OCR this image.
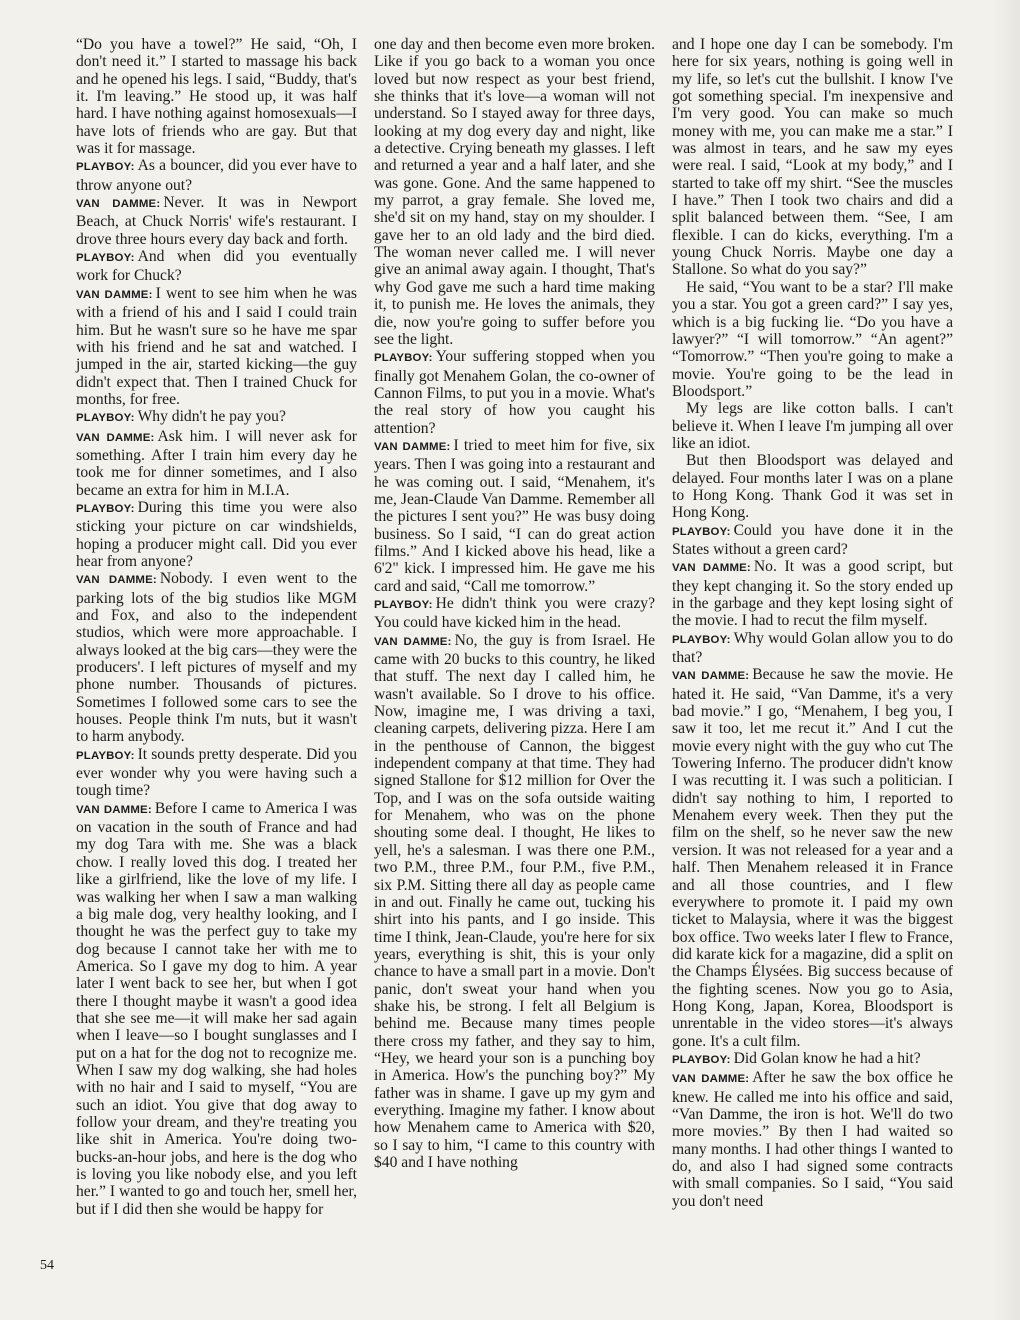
“Do you have a towel?” He said, “Oh, I don't need it.” I started to massage his back and he opened his legs. I said, “Buddy, that's it. I'm leaving.” He stood up, it was half hard. I have nothing against homosexuals—I have lots of friends who are gay. But that was it for massage.

PLAYBOY: As a bouncer, did you ever have to throw anyone out?

VAN DAMME: Never. It was in Newport Beach, at Chuck Norris' wife's restaurant. I drove three hours every day back and forth.

PLAYBOY: And when did you eventually work for Chuck?

VAN DAMME: I went to see him when he was with a friend of his and I said I could train him. But he wasn't sure so he have me spar with his friend and he sat and watched. I jumped in the air, started kicking—the guy didn't expect that. Then I trained Chuck for months, for free.

PLAYBOY: Why didn't he pay you?

VAN DAMME: Ask him. I will never ask for something. After I train him every day he took me for dinner sometimes, and I also became an extra for him in M.I.A.

PLAYBOY: During this time you were also sticking your picture on car windshields, hoping a producer might call. Did you ever hear from anyone?

VAN DAMME: Nobody. I even went to the parking lots of the big studios like MGM and Fox, and also to the independent studios, which were more approachable. I always looked at the big cars—they were the producers'. I left pictures of myself and my phone number. Thousands of pictures. Sometimes I followed some cars to see the houses. People think I'm nuts, but it wasn't to harm anybody.

PLAYBOY: It sounds pretty desperate. Did you ever wonder why you were having such a tough time?

VAN DAMME: Before I came to America I was on vacation in the south of France and had my dog Tara with me. She was a black chow. I really loved this dog. I treated her like a girlfriend, like the love of my life. I was walking her when I saw a man walking a big male dog, very healthy looking, and I thought he was the perfect guy to take my dog because I cannot take her with me to America. So I gave my dog to him. A year later I went back to see her, but when I got there I thought maybe it wasn't a good idea that she see me—it will make her sad again when I leave—so I bought sunglasses and I put on a hat for the dog not to recognize me. When I saw my dog walking, she had holes with no hair and I said to myself, “You are such an idiot. You give that dog away to follow your dream, and they're treating you like shit in America. You're doing two-bucks-an-hour jobs, and here is the dog who is loving you like nobody else, and you left her.” I wanted to go and touch her, smell her, but if I did then she would be happy for

one day and then become even more broken. Like if you go back to a woman you once loved but now respect as your best friend, she thinks that it's love—a woman will not understand. So I stayed away for three days, looking at my dog every day and night, like a detective. Crying beneath my glasses. I left and returned a year and a half later, and she was gone. Gone. And the same happened to my parrot, a gray female. She loved me, she'd sit on my hand, stay on my shoulder. I gave her to an old lady and the bird died. The woman never called me. I will never give an animal away again. I thought, That's why God gave me such a hard time making it, to punish me. He loves the animals, they die, now you're going to suffer before you see the light.

PLAYBOY: Your suffering stopped when you finally got Menahem Golan, the co-owner of Cannon Films, to put you in a movie. What's the real story of how you caught his attention?

VAN DAMME: I tried to meet him for five, six years. Then I was going into a restaurant and he was coming out. I said, “Menahem, it's me, Jean-Claude Van Damme. Remember all the pictures I sent you?” He was busy doing business. So I said, “I can do great action films.” And I kicked above his head, like a 6'2" kick. I impressed him. He gave me his card and said, “Call me tomorrow.”

PLAYBOY: He didn't think you were crazy? You could have kicked him in the head.

VAN DAMME: No, the guy is from Israel. He came with 20 bucks to this country, he liked that stuff. The next day I called him, he wasn't available. So I drove to his office. Now, imagine me, I was driving a taxi, cleaning carpets, delivering pizza. Here I am in the penthouse of Cannon, the biggest independent company at that time. They had signed Stallone for $12 million for Over the Top, and I was on the sofa outside waiting for Menahem, who was on the phone shouting some deal. I thought, He likes to yell, he's a salesman. I was there one P.M., two P.M., three P.M., four P.M., five P.M., six P.M. Sitting there all day as people came in and out. Finally he came out, tucking his shirt into his pants, and I go inside. This time I think, Jean-Claude, you're here for six years, everything is shit, this is your only chance to have a small part in a movie. Don't panic, don't sweat your hand when you shake his, be strong. I felt all Belgium is behind me. Because many times people there cross my father, and they say to him, “Hey, we heard your son is a punching boy in America. How's the punching boy?” My father was in shame. I gave up my gym and everything. Imagine my father. I know about how Menahem came to America with $20, so I say to him, “I came to this country with $40 and I have nothing

and I hope one day I can be somebody. I'm here for six years, nothing is going well in my life, so let's cut the bullshit. I know I've got something special. I'm inexpensive and I'm very good. You can make so much money with me, you can make me a star.” I was almost in tears, and he saw my eyes were real. I said, “Look at my body,” and I started to take off my shirt. “See the muscles I have.” Then I took two chairs and did a split balanced between them. “See, I am flexible. I can do kicks, everything. I'm a young Chuck Norris. Maybe one day a Stallone. So what do you say?”

He said, “You want to be a star? I'll make you a star. You got a green card?” I say yes, which is a big fucking lie. “Do you have a lawyer?” “I will tomorrow.” “An agent?” “Tomorrow.” “Then you're going to make a movie. You're going to be the lead in Bloodsport.”

My legs are like cotton balls. I can't believe it. When I leave I'm jumping all over like an idiot.

But then Bloodsport was delayed and delayed. Four months later I was on a plane to Hong Kong. Thank God it was set in Hong Kong.

PLAYBOY: Could you have done it in the States without a green card?

VAN DAMME: No. It was a good script, but they kept changing it. So the story ended up in the garbage and they kept losing sight of the movie. I had to recut the film myself.

PLAYBOY: Why would Golan allow you to do that?

VAN DAMME: Because he saw the movie. He hated it. He said, “Van Damme, it's a very bad movie.” I go, “Menahem, I beg you, I saw it too, let me recut it.” And I cut the movie every night with the guy who cut The Towering Inferno. The producer didn't know I was recutting it. I was such a politician. I didn't say nothing to him, I reported to Menahem every week. Then they put the film on the shelf, so he never saw the new version. It was not released for a year and a half. Then Menahem released it in France and all those countries, and I flew everywhere to promote it. I paid my own ticket to Malaysia, where it was the biggest box office. Two weeks later I flew to France, did karate kick for a magazine, did a split on the Champs Élysées. Big success because of the fighting scenes. Now you go to Asia, Hong Kong, Japan, Korea, Bloodsport is unrentable in the video stores—it's always gone. It's a cult film.

PLAYBOY: Did Golan know he had a hit?

VAN DAMME: After he saw the box office he knew. He called me into his office and said, “Van Damme, the iron is hot. We'll do two more movies.” By then I had waited so many months. I had other things I wanted to do, and also I had signed some contracts with small companies. So I said, “You said you don't need

54
